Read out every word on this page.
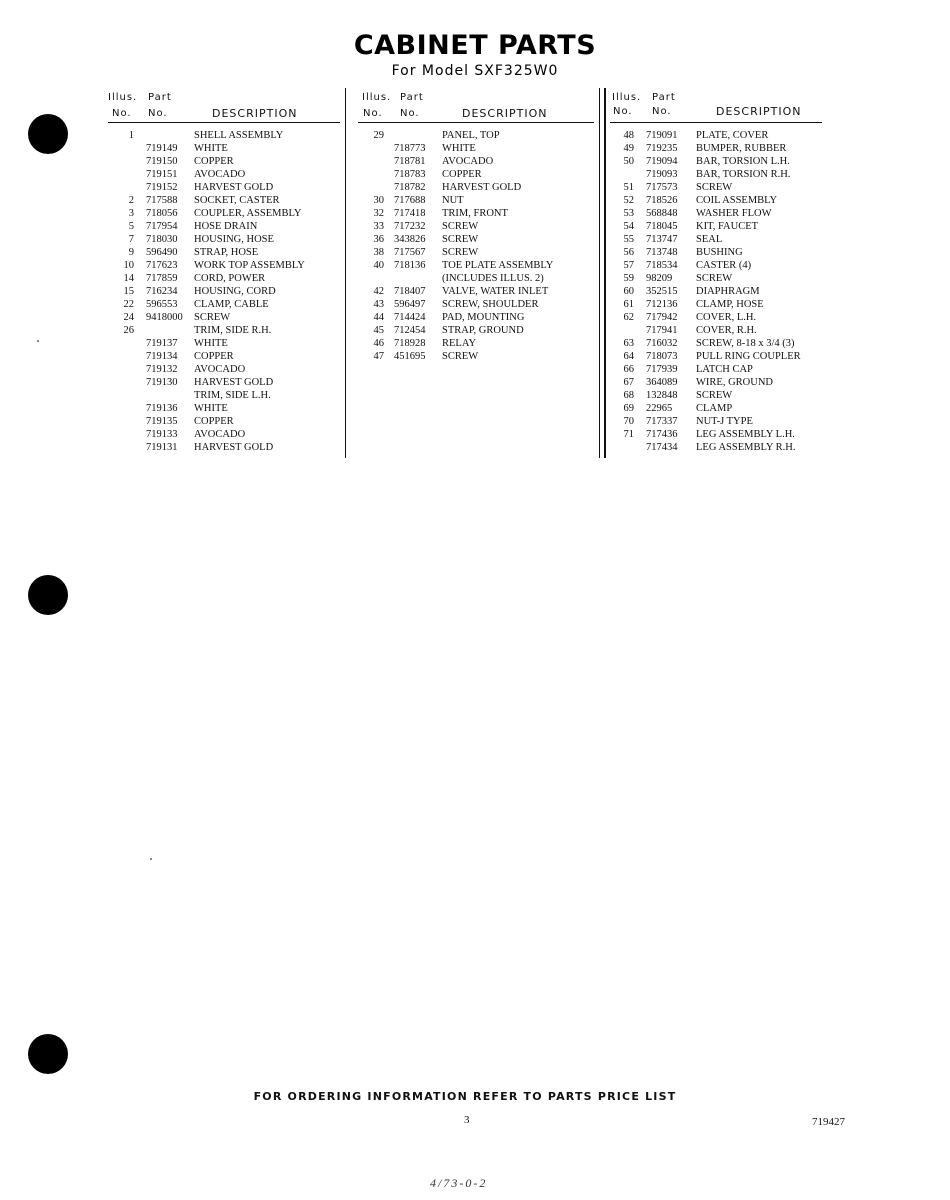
CABINET PARTS
For Model SXF325W0
Illus. Part
No. No.	DESCRIPTION
1	SHELL ASSEMBLY
719149 WHITE
719150 COPPER
719151 AVOCADO
719152 HARVEST GOLD
2 717588 SOCKET, CASTER
3 718056 COUPLER, ASSEMBLY
5 717954 HOSE DRAIN
7 718030 HOUSING, HOSE
9 596490 STRAP, HOSE
10 717623 WORK TOP ASSEMBLY
14 717859 CORD, POWER
15 716234 HOUSING, CORD
22 596553 CLAMP, CABLE
24 9418000 SCREW
26	TRIM, SIDE R.H.
719137 WHITE
719134 COPPER
719132 AVOCADO
719130 HARVEST GOLD
TRIM, SIDE L.H.
719136 WHITE
719135 COPPER
719133 AVOCADO
719131 HARVEST GOLD
Illus. Part
No. No.	DESCRIPTION
29	PANEL, TOP
718773 WHITE
718781 AVOCADO
718783 COPPER
718782 HARVEST GOLD
30 717688 NUT
32 717418 TRIM, FRONT
33 717232 SCREW
36 343826 SCREW
38 717567 SCREW
40 718136 TOE PLATE ASSEMBLY
(INCLUDES ILLUS. 2)
42 718407 VALVE, WATER INLET
43 596497 SCREW, SHOULDER
44 714424 PAD, MOUNTING
45 712454 STRAP, GROUND
46 718928 RELAY
47 451695 SCREW
Illus. Part
No. No.	DESCRIPTION
48 719091 PLATE, COVER
49 719235 BUMPER, RUBBER
50 719094 BAR, TORSION L.H.
719093 BAR, TORSION R.H.
51 717573 SCREW
52 718526 COIL ASSEMBLY
53 568848 WASHER FLOW
54 718045 KIT, FAUCET
55 713747 SEAL
56 713748 BUSHING
57 718534 CASTER (4)
59 98209 SCREW
60 352515 DIAPHRAGM
61 712136 CLAMP, HOSE
62 717942 COVER, L.H.
717941 COVER, R.H.
63 716032 SCREW, 8-18 x 3/4 (3)
64 718073 PULL RING COUPLER
66 717939 LATCH CAP
67 364089 WIRE, GROUND
68 132848 SCREW
69 22965 CLAMP
70 717337 NUT-J TYPE
71 717436 LEG ASSEMBLY L.H.
717434 LEG ASSEMBLY R.H.
FOR ORDERING INFORMATION REFER TO PARTS PRICE LIST
3	719427
4/73-0-2
